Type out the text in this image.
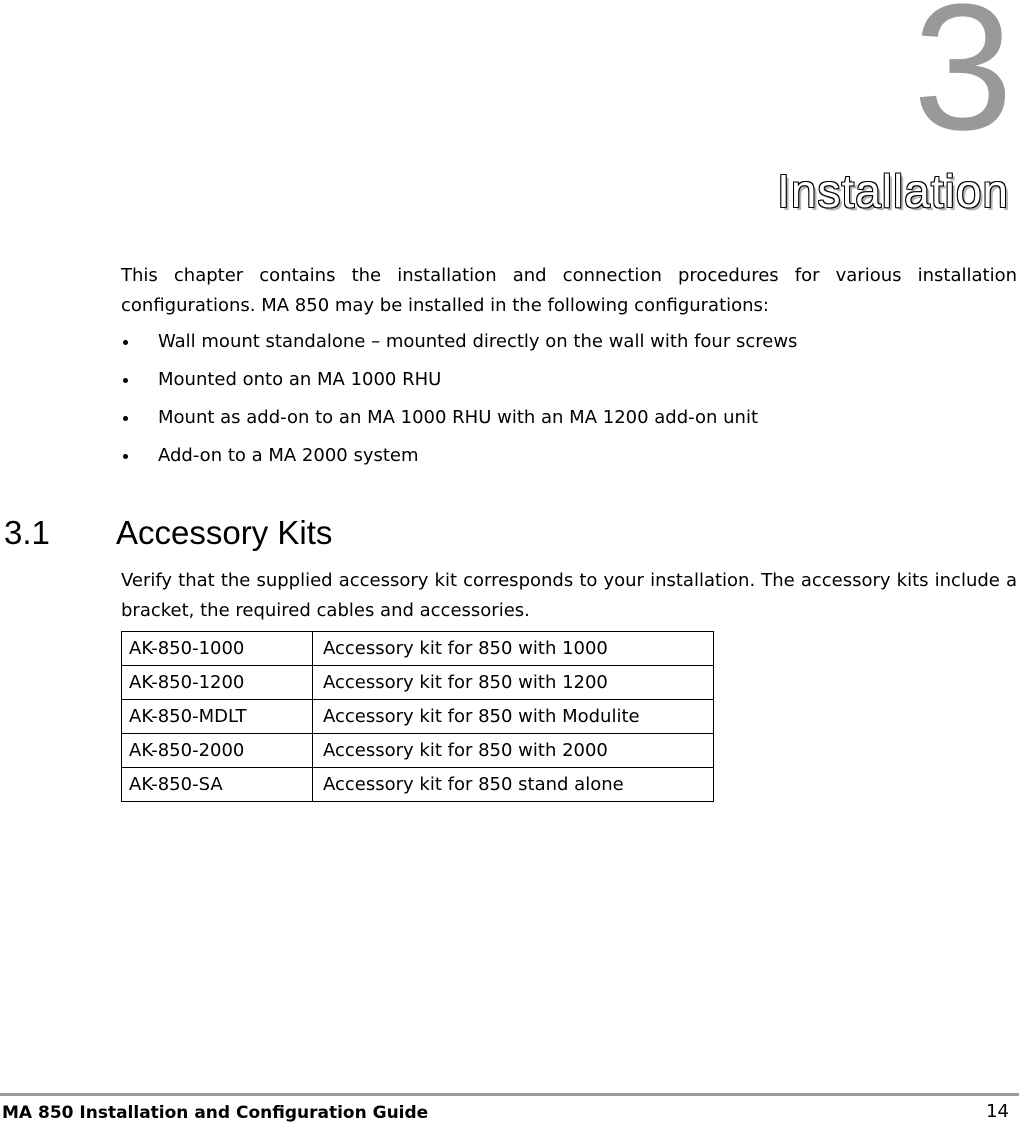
3
Installation

This chapter contains the installation and connection procedures for various installation configurations. MA 850 may be installed in the following configurations:

Wall mount standalone – mounted directly on the wall with four screws
Mounted onto an MA 1000 RHU
Mount as add-on to an MA 1000 RHU with an MA 1200 add-on unit
Add-on to a MA 2000 system
3.1 Accessory Kits

Verify that the supplied accessory kit corresponds to your installation. The accessory kits include a bracket, the required cables and accessories.

AK-850-1000	Accessory kit for 850 with 1000
AK-850-1200	Accessory kit for 850 with 1200
AK-850-MDLT	Accessory kit for 850 with Modulite
AK-850-2000	Accessory kit for 850 with 2000
AK-850-SA	Accessory kit for 850 stand alone
MA 850 Installation and Configuration Guide	14
